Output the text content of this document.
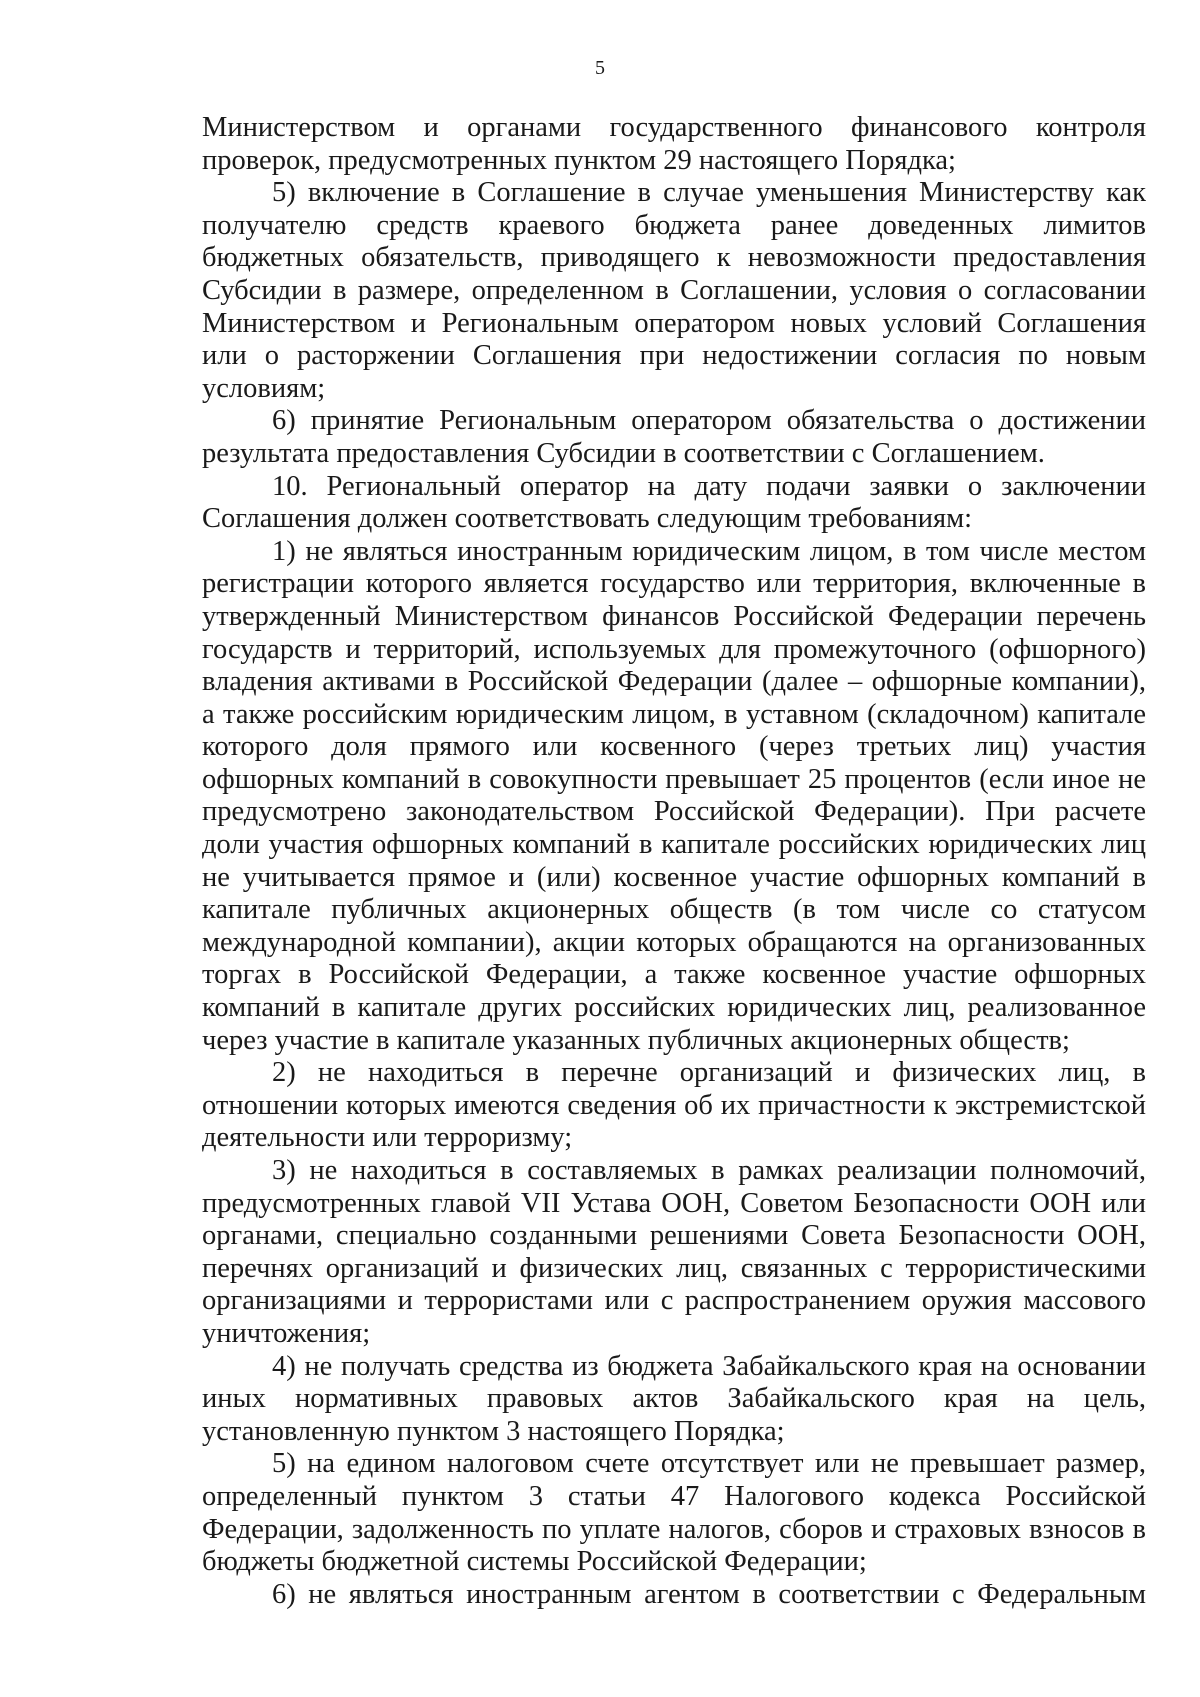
5

Министерством и органами государственного финансового контроля проверок, предусмотренных пунктом 29 настоящего Порядка;

5) включение в Соглашение в случае уменьшения Министерству как получателю средств краевого бюджета ранее доведенных лимитов бюджетных обязательств, приводящего к невозможности предоставления Субсидии в размере, определенном в Соглашении, условия о согласовании Министерством и Региональным оператором новых условий Соглашения или о расторжении Соглашения при недостижении согласия по новым условиям;

6) принятие Региональным оператором обязательства о достижении результата предоставления Субсидии в соответствии с Соглашением.

10. Региональный оператор на дату подачи заявки о заключении Соглашения должен соответствовать следующим требованиям:

1) не являться иностранным юридическим лицом, в том числе местом регистрации которого является государство или территория, включенные в утвержденный Министерством финансов Российской Федерации перечень государств и территорий, используемых для промежуточного (офшорного) владения активами в Российской Федерации (далее – офшорные компании), а также российским юридическим лицом, в уставном (складочном) капитале которого доля прямого или косвенного (через третьих лиц) участия офшорных компаний в совокупности превышает 25 процентов (если иное не предусмотрено законодательством Российской Федерации). При расчете доли участия офшорных компаний в капитале российских юридических лиц не учитывается прямое и (или) косвенное участие офшорных компаний в капитале публичных акционерных обществ (в том числе со статусом международной компании), акции которых обращаются на организованных торгах в Российской Федерации, а также косвенное участие офшорных компаний в капитале других российских юридических лиц, реализованное через участие в капитале указанных публичных акционерных обществ;

2) не находиться в перечне организаций и физических лиц, в отношении которых имеются сведения об их причастности к экстремистской деятельности или терроризму;

3) не находиться в составляемых в рамках реализации полномочий, предусмотренных главой VII Устава ООН, Советом Безопасности ООН или органами, специально созданными решениями Совета Безопасности ООН, перечнях организаций и физических лиц, связанных с террористическими организациями и террористами или с распространением оружия массового уничтожения;

4) не получать средства из бюджета Забайкальского края на основании иных нормативных правовых актов Забайкальского края на цель, установленную пунктом 3 настоящего Порядка;

5) на едином налоговом счете отсутствует или не превышает размер, определенный пунктом 3 статьи 47 Налогового кодекса Российской Федерации, задолженность по уплате налогов, сборов и страховых взносов в бюджеты бюджетной системы Российской Федерации;

6) не являться иностранным агентом в соответствии с Федеральным
